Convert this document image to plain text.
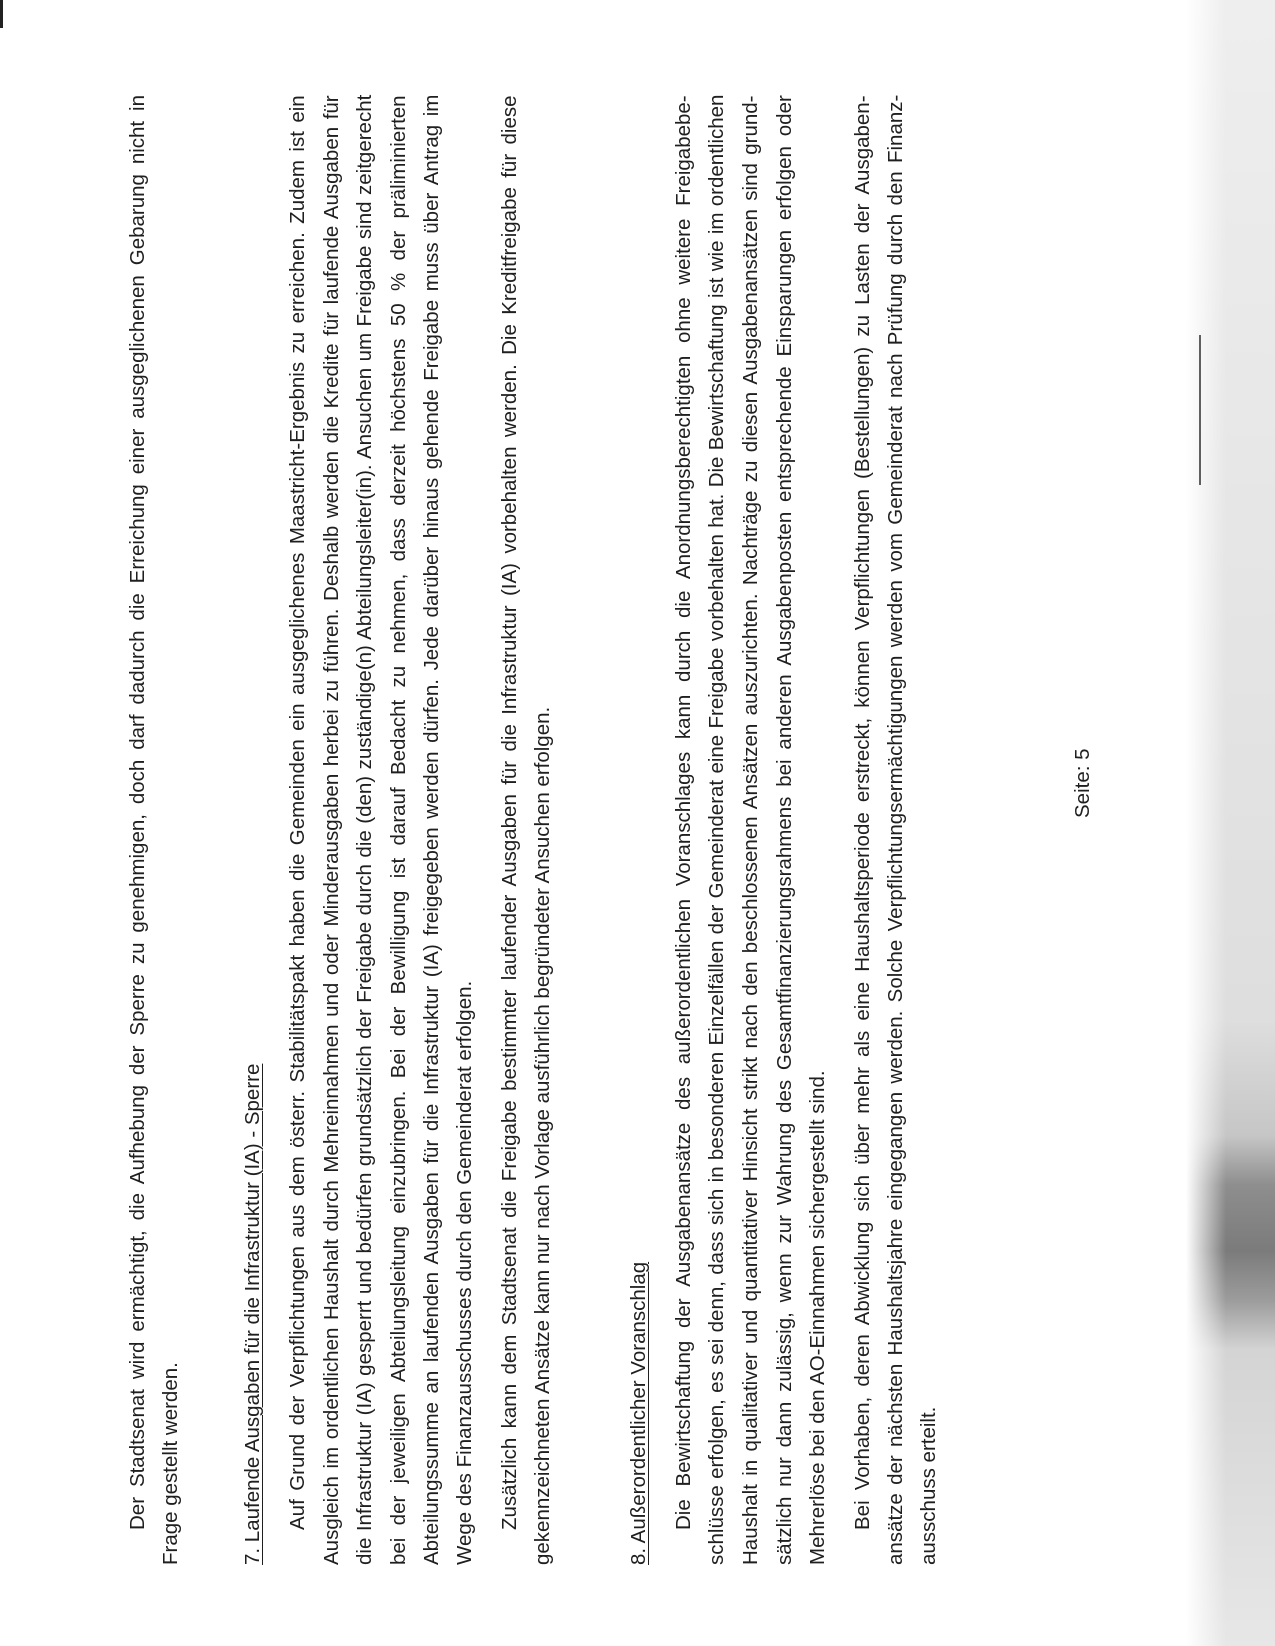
Der Stadtsenat wird ermächtigt, die Aufhebung der Sperre zu genehmigen, doch darf dadurch die Erreichung einer ausgeglichenen Gebarung nicht in Frage gestellt werden.	7. Laufende Ausgaben für die Infrastruktur (IA) - Sperre Auf Grund der Verpflichtungen aus dem österr. Stabilitätspakt haben die Gemeinden ein ausgeglichenes Maastricht-Ergebnis zu erreichen. Zudem ist ein Ausgleich im ordentlichen Haushalt durch Mehreinnahmen und oder Minderausgaben herbei zu führen. Deshalb werden die Kredite für laufende Ausgaben für die Infrastruktur (IA) gesperrt und bedürfen grundsätzlich der Freigabe durch die (den) zuständige(n) Abteilungsleiter(in). Ansuchen um Freigabe sind zeitgerecht bei der jeweiligen Abteilungsleitung einzubringen. Bei der Bewilligung ist darauf Bedacht zu nehmen, dass derzeit höchstens 50 % der präliminierten Abteilungssumme an laufenden Ausgaben für die Infrastruktur (IA) freigegeben werden dürfen. Jede darüber hinaus gehende Freigabe muss über Antrag im Wege des Finanzausschusses durch den Gemeinderat erfolgen. Zusätzlich kann dem Stadtsenat die Freigabe bestimmter laufender Ausgaben für die Infrastruktur (IA) vorbehalten werden. Die Kreditfreigabe für diese gekennzeichneten Ansätze kann nur nach Vorlage ausführlich begründeter Ansuchen erfolgen.	8. Außerordentlicher Voranschlag Die Bewirtschaftung der Ausgabenansätze des außerordentlichen Voranschlages kann durch die Anordnungsberechtigten ohne weitere Freigabebe- schlüsse erfolgen, es sei denn, dass sich in besonderen Einzelfällen der Gemeinderat eine Freigabe vorbehalten hat. Die Bewirtschaftung ist wie im ordentlichen Haushalt in qualitativer und quantitativer Hinsicht strikt nach den beschlossenen Ansätzen auszurichten. Nachträge zu diesen Ausgabenansätzen sind grund- sätzlich nur dann zulässig, wenn zur Wahrung des Gesamtfinanzierungsrahmens bei anderen Ausgabenposten entsprechende Einsparungen erfolgen oder Mehrerlöse bei den AO-Einnahmen sichergestellt sind. Bei Vorhaben, deren Abwicklung sich über mehr als eine Haushaltsperiode erstreckt, können Verpflichtungen (Bestellungen) zu Lasten der Ausgaben- ansätze der nächsten Haushaltsjahre eingegangen werden. Solche Verpflichtungsermächtigungen werden vom Gemeinderat nach Prüfung durch den Finanz- ausschuss erteilt.
Seite: 5
